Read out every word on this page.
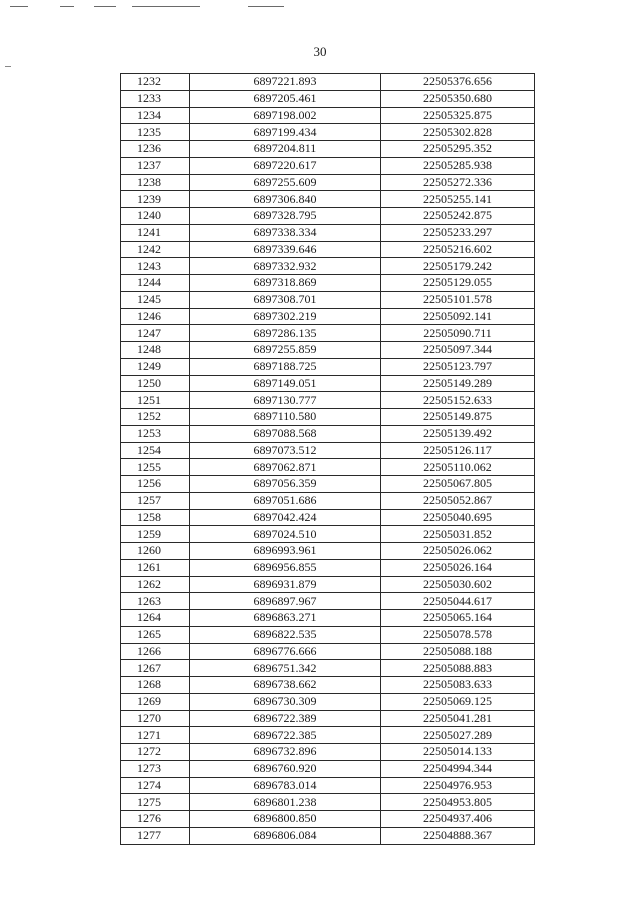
30
1232	6897221.893	22505376.656
1233	6897205.461	22505350.680
1234	6897198.002	22505325.875
1235	6897199.434	22505302.828
1236	6897204.811	22505295.352
1237	6897220.617	22505285.938
1238	6897255.609	22505272.336
1239	6897306.840	22505255.141
1240	6897328.795	22505242.875
1241	6897338.334	22505233.297
1242	6897339.646	22505216.602
1243	6897332.932	22505179.242
1244	6897318.869	22505129.055
1245	6897308.701	22505101.578
1246	6897302.219	22505092.141
1247	6897286.135	22505090.711
1248	6897255.859	22505097.344
1249	6897188.725	22505123.797
1250	6897149.051	22505149.289
1251	6897130.777	22505152.633
1252	6897110.580	22505149.875
1253	6897088.568	22505139.492
1254	6897073.512	22505126.117
1255	6897062.871	22505110.062
1256	6897056.359	22505067.805
1257	6897051.686	22505052.867
1258	6897042.424	22505040.695
1259	6897024.510	22505031.852
1260	6896993.961	22505026.062
1261	6896956.855	22505026.164
1262	6896931.879	22505030.602
1263	6896897.967	22505044.617
1264	6896863.271	22505065.164
1265	6896822.535	22505078.578
1266	6896776.666	22505088.188
1267	6896751.342	22505088.883
1268	6896738.662	22505083.633
1269	6896730.309	22505069.125
1270	6896722.389	22505041.281
1271	6896722.385	22505027.289
1272	6896732.896	22505014.133
1273	6896760.920	22504994.344
1274	6896783.014	22504976.953
1275	6896801.238	22504953.805
1276	6896800.850	22504937.406
1277	6896806.084	22504888.367
